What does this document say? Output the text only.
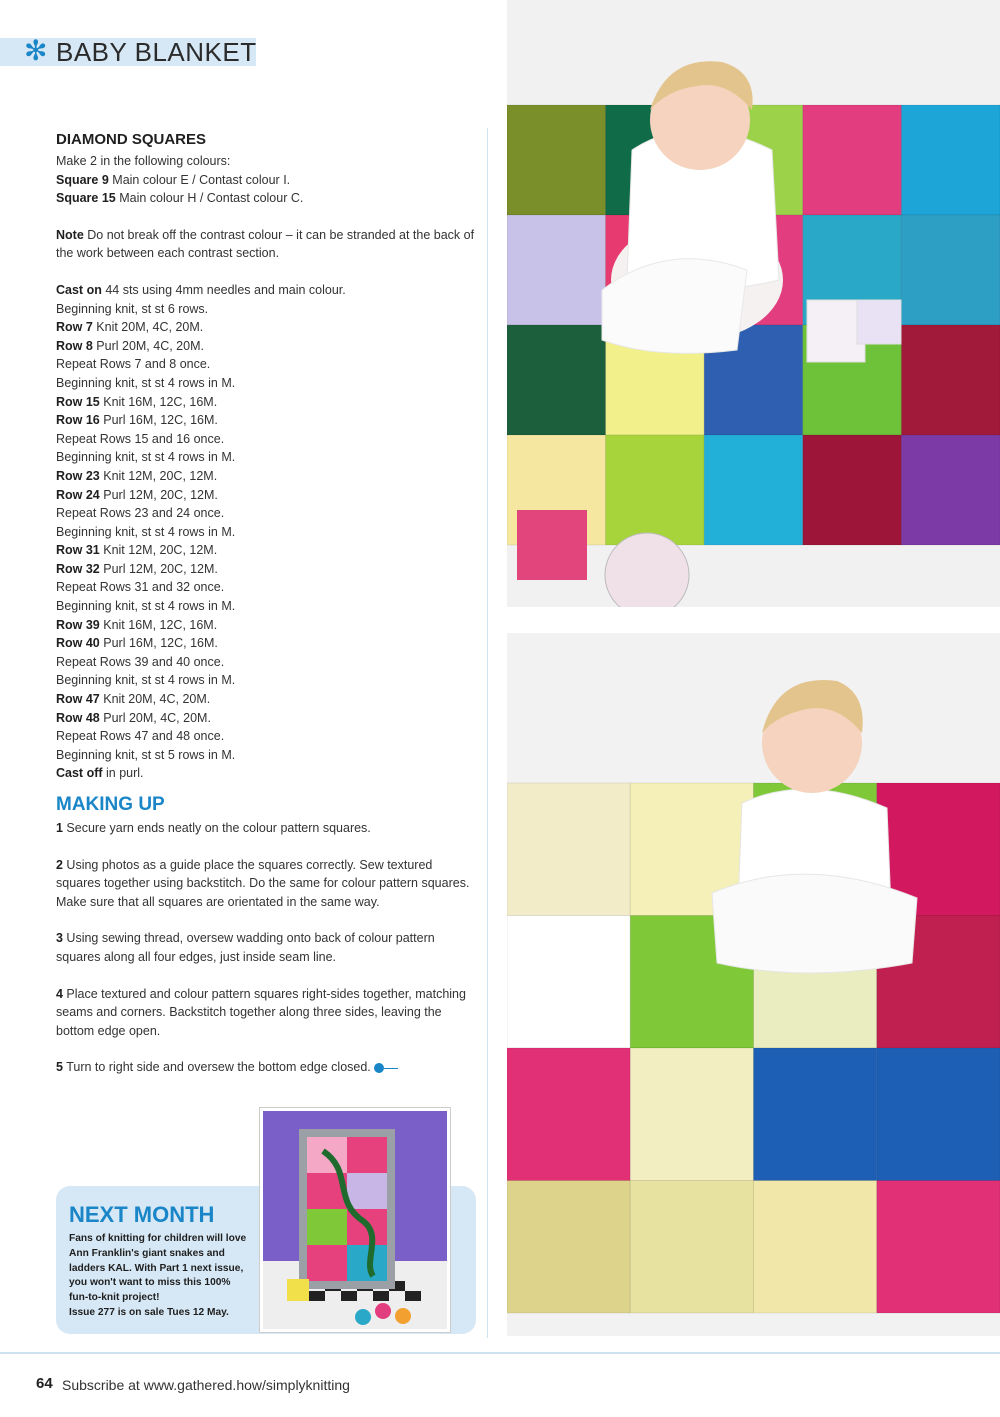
✻ BABY BLANKET
DIAMOND SQUARES

Make 2 in the following colours:

Square 9 Main colour E / Contast colour I.

Square 15 Main colour H / Contast colour C.

Note Do not break off the contrast colour – it can be stranded at the back of the work between each contrast section.

Cast on 44 sts using 4mm needles and main colour.

Beginning knit, st st 6 rows.

Row 7 Knit 20M, 4C, 20M.

Row 8 Purl 20M, 4C, 20M.

Repeat Rows 7 and 8 once.

Beginning knit, st st 4 rows in M.

Row 15 Knit 16M, 12C, 16M.

Row 16 Purl 16M, 12C, 16M.

Repeat Rows 15 and 16 once.

Beginning knit, st st 4 rows in M.

Row 23 Knit 12M, 20C, 12M.

Row 24 Purl 12M, 20C, 12M.

Repeat Rows 23 and 24 once.

Beginning knit, st st 4 rows in M.

Row 31 Knit 12M, 20C, 12M.

Row 32 Purl 12M, 20C, 12M.

Repeat Rows 31 and 32 once.

Beginning knit, st st 4 rows in M.

Row 39 Knit 16M, 12C, 16M.

Row 40 Purl 16M, 12C, 16M.

Repeat Rows 39 and 40 once.

Beginning knit, st st 4 rows in M.

Row 47 Knit 20M, 4C, 20M.

Row 48 Purl 20M, 4C, 20M.

Repeat Rows 47 and 48 once.

Beginning knit, st st 5 rows in M.

Cast off in purl.

MAKING UP

1 Secure yarn ends neatly on the colour pattern squares.

2 Using photos as a guide place the squares correctly. Sew textured squares together using backstitch. Do the same for colour pattern squares. Make sure that all squares are orientated in the same way.

3 Using sewing thread, oversew wadding onto back of colour pattern squares along all four edges, just inside seam line.

4 Place textured and colour pattern squares right-sides together, matching seams and corners. Backstitch together along three sides, leaving the bottom edge open.

5 Turn to right side and oversew the bottom edge closed.

NEXT MONTH
Fans of knitting for children will love Ann Franklin's giant snakes and ladders KAL. With Part 1 next issue, you won't want to miss this 100% fun-to-knit project!
Issue 277 is on sale Tues 12 May.
64 Subscribe at www.gathered.how/simplyknitting
